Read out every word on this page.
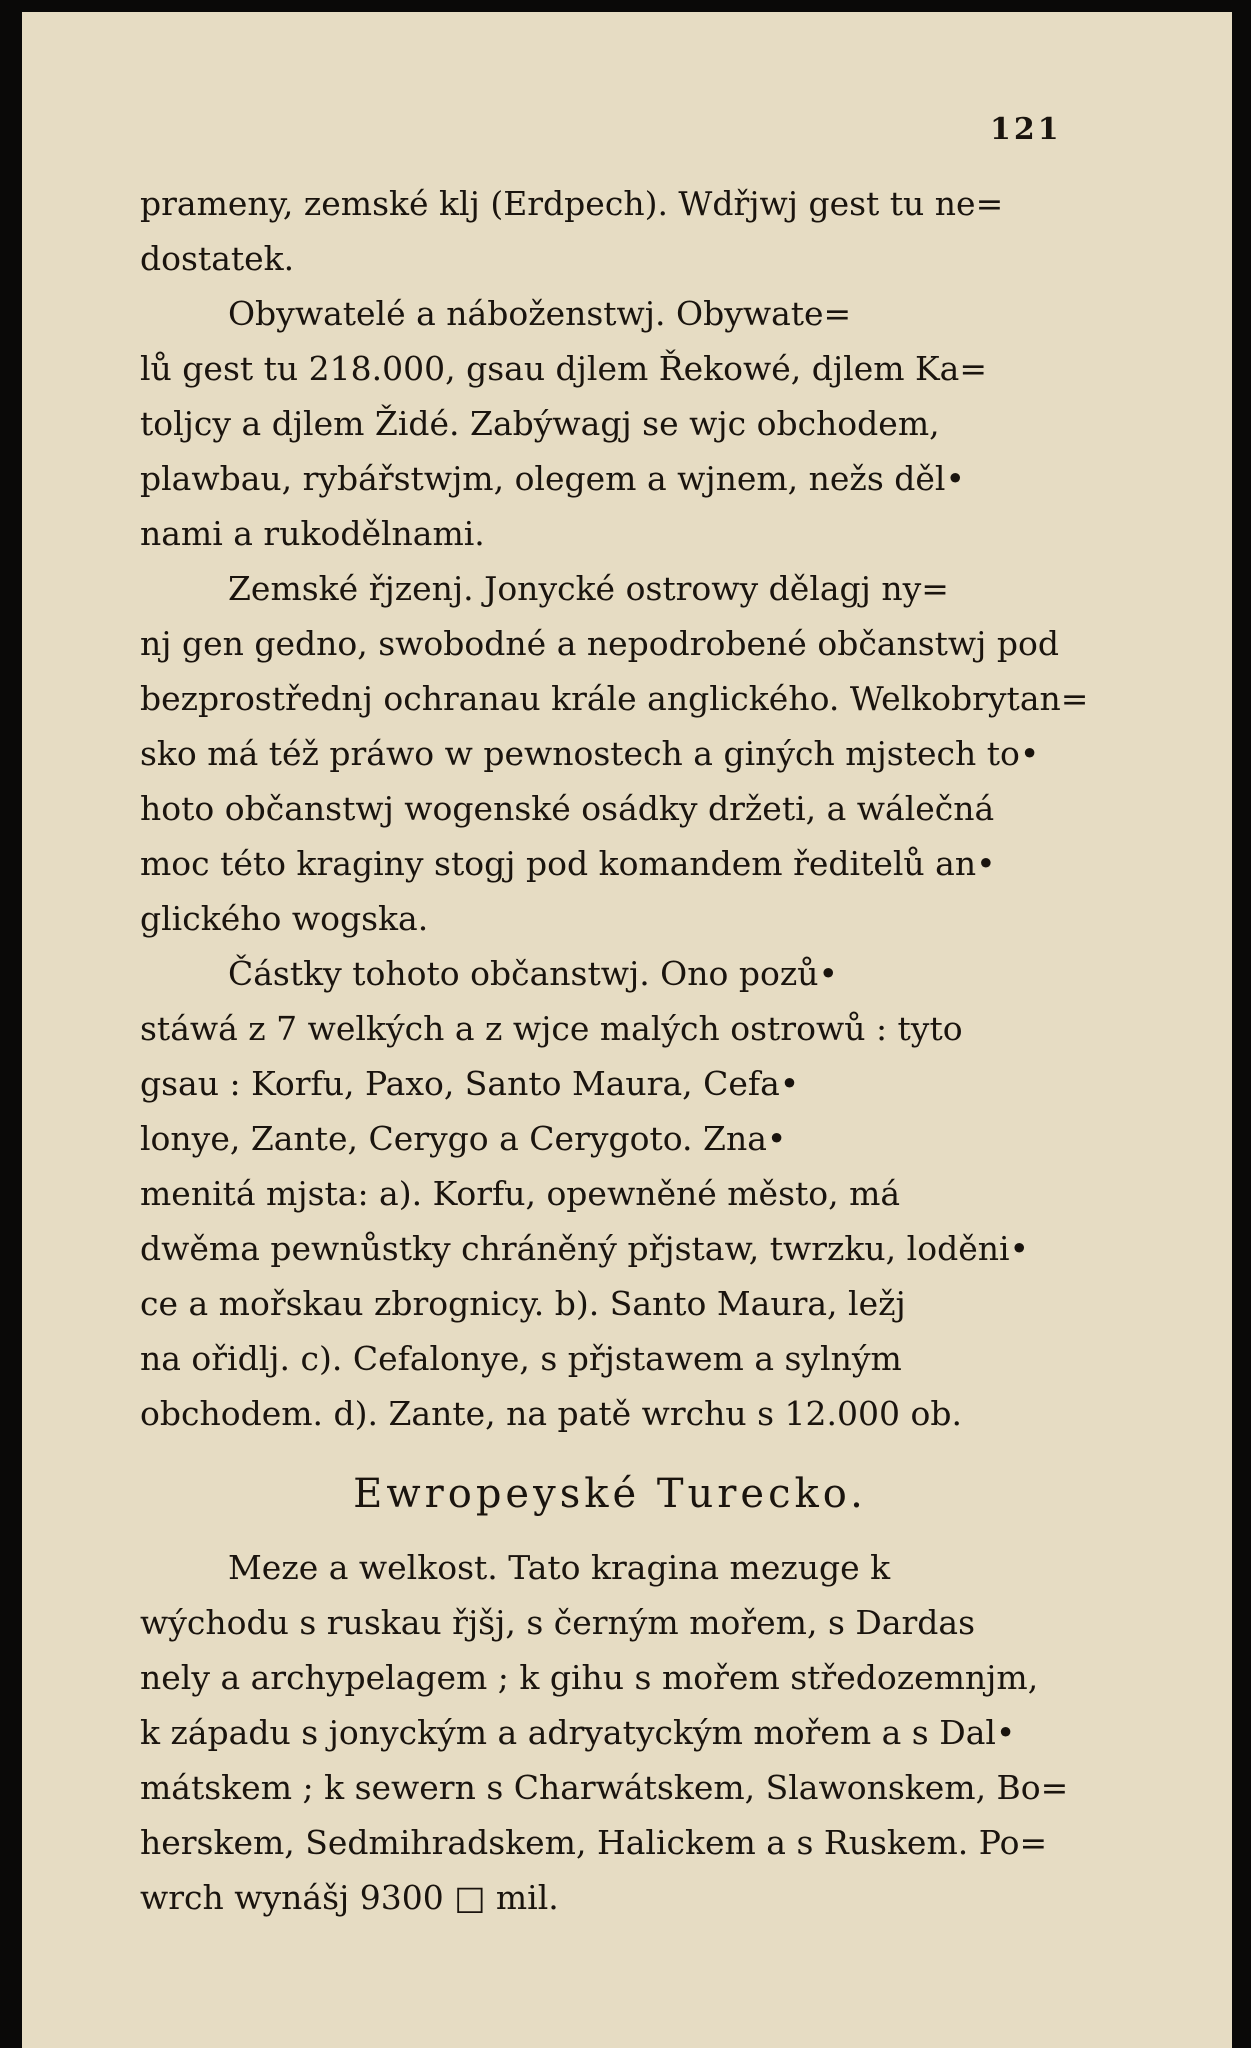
121
prameny, zemské klj (Erdpech). Wdřjwj gest tu ne=
dostatek.
Obywatelé a náboženstwj. Obywate=
lů gest tu 218.000, gsau djlem Řekowé, djlem Ka=
toljcy a djlem Židé. Zabýwagj se wjc obchodem,
plawbau, rybářstwjm, olegem a wjnem, nežs děl•
nami a rukodělnami.
Zemské řjzenj. Jonycké ostrowy dělagj ny=
nj gen gedno, swobodné a nepodrobené občanstwj pod
bezprostřednj ochranau krále anglického. Welkobrytan=
sko má též práwo w pewnostech a giných mjstech to•
hoto občanstwj wogenské osádky držeti, a wálečná
moc této kraginy stogj pod komandem ředitelů an•
glického wogska.
Částky tohoto občanstwj. Ono pozů•
stáwá z 7 welkých a z wjce malých ostrowů : tyto
gsau : Korfu, Paxo, Santo Maura, Cefa•
lonye, Zante, Cerygo a Cerygoto. Zna•
menitá mjsta: a). Korfu, opewněné město, má
dwěma pewnůstky chráněný přjstaw, twrzku, loděni•
ce a mořskau zbrognicy. b). Santo Maura, ležj
na ořidlj. c). Cefalonye, s přjstawem a sylným
obchodem. d). Zante, na patě wrchu s 12.000 ob.
Ewropeyské Turecko.
Meze a welkost. Tato kragina mezuge k
wýchodu s ruskau řjšj, s černým mořem, s Dardas
nely a archypelagem ; k gihu s mořem středozemnjm,
k západu s jonyckým a adryatyckým mořem a s Dal•
mátskem ; k sewern s Charwátskem, Slawonskem, Bo=
herskem, Sedmihradskem, Halickem a s Ruskem. Po=
wrch wynášj 9300 □ mil.
